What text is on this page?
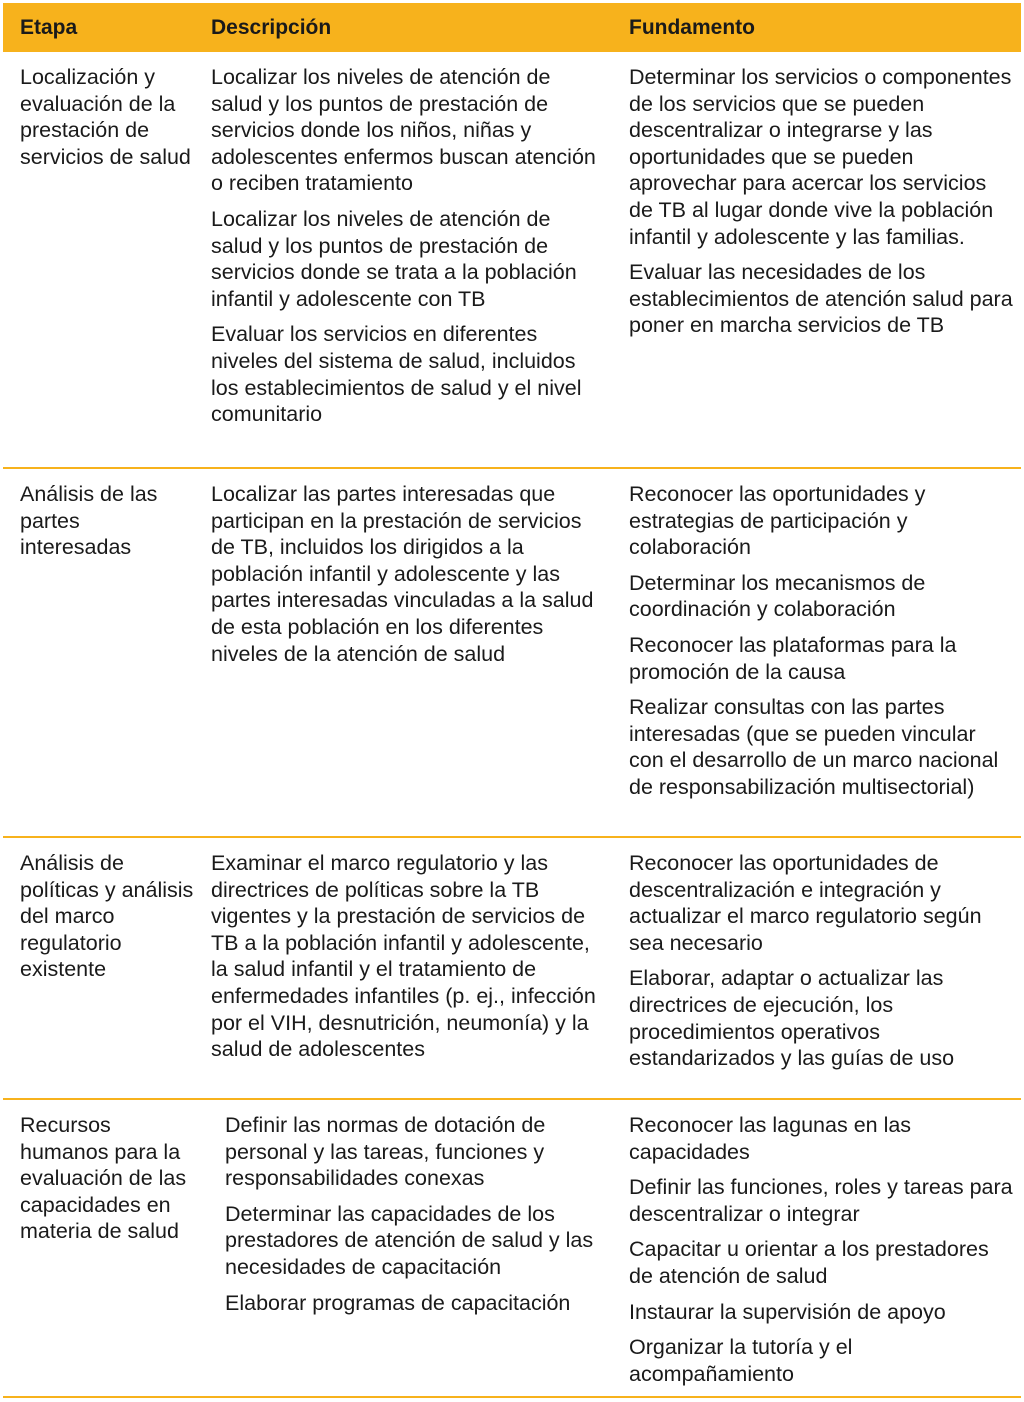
Etapa	Descripción	Fundamento
Localización y evaluación de la prestación de servicios de salud

Localizar los niveles de atención de salud y los puntos de prestación de servicios donde los niños, niñas y adolescentes enfermos buscan atención o reciben tratamiento

Localizar los niveles de atención de salud y los puntos de prestación de servicios donde se trata a la población infantil y adolescente con TB

Evaluar los servicios en diferentes niveles del sistema de salud, incluidos los establecimientos de salud y el nivel comunitario

Determinar los servicios o componentes de los servicios que se pueden descentralizar o integrarse y las oportunidades que se pueden aprovechar para acercar los servicios de TB al lugar donde vive la población infantil y adolescente y las familias.

Evaluar las necesidades de los establecimientos de atención salud para poner en marcha servicios de TB

Análisis de las partes interesadas

Localizar las partes interesadas que participan en la prestación de servicios de TB, incluidos los dirigidos a la población infantil y adolescente y las partes interesadas vinculadas a la salud de esta población en los diferentes niveles de la atención de salud

Reconocer las oportunidades y estrategias de participación y colaboración

Determinar los mecanismos de coordinación y colaboración

Reconocer las plataformas para la promoción de la causa

Realizar consultas con las partes interesadas (que se pueden vincular con el desarrollo de un marco nacional de responsabilización multisectorial)

Análisis de políticas y análisis del marco regulatorio existente

Examinar el marco regulatorio y las directrices de políticas sobre la TB vigentes y la prestación de servicios de TB a la población infantil y adolescente, la salud infantil y el tratamiento de enfermedades infantiles (p. ej., infección por el VIH, desnutrición, neumonía) y la salud de adolescentes

Reconocer las oportunidades de descentralización e integración y actualizar el marco regulatorio según sea necesario

Elaborar, adaptar o actualizar las directrices de ejecución, los procedimientos operativos estandarizados y las guías de uso

Recursos humanos para la evaluación de las capacidades en materia de salud

Definir las normas de dotación de personal y las tareas, funciones y responsabilidades conexas

Determinar las capacidades de los prestadores de atención de salud y las necesidades de capacitación

Elaborar programas de capacitación

Reconocer las lagunas en las capacidades

Definir las funciones, roles y tareas para descentralizar o integrar

Capacitar u orientar a los prestadores de atención de salud

Instaurar la supervisión de apoyo

Organizar la tutoría y el acompañamiento
